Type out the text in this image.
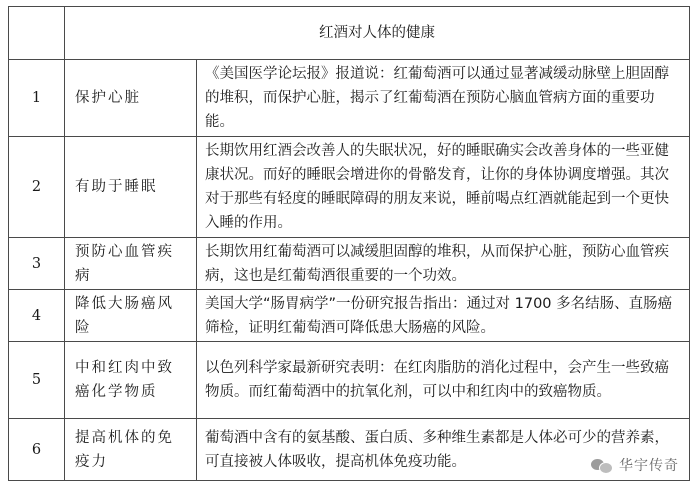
	红酒对人体的健康	
1	保护心脏	《美国医学论坛报》报道说：红葡萄酒可以通过显著减缓动脉壁上胆固醇的堆积，而保护心脏，揭示了红葡萄酒在预防心脑血管病方面的重要功能。
2	有助于睡眠	长期饮用红酒会改善人的失眠状况，好的睡眠确实会改善身体的一些亚健康状况。而好的睡眠会增进你的骨骼发育，让你的身体协调度增强。其次对于那些有轻度的睡眠障碍的朋友来说，睡前喝点红酒就能起到一个更快入睡的作用。
3	预防心血管疾病	长期饮用红葡萄酒可以减缓胆固醇的堆积，从而保护心脏，预防心血管疾病，这也是红葡萄酒很重要的一个功效。
4	降低大肠癌风险	美国大学“肠胃病学”一份研究报告指出：通过对 1700 多名结肠、直肠癌筛检，证明红葡萄酒可降低患大肠癌的风险。
5	中和红肉中致癌化学物质	以色列科学家最新研究表明：在红肉脂肪的消化过程中，会产生一些致癌物质。而红葡萄酒中的抗氧化剂，可以中和红肉中的致癌物质。
6	提高机体的免疫力	葡萄酒中含有的氨基酸、蛋白质、多种维生素都是人体必可少的营养素，可直接被人体吸收，提高机体免疫功能。	华宇传奇
